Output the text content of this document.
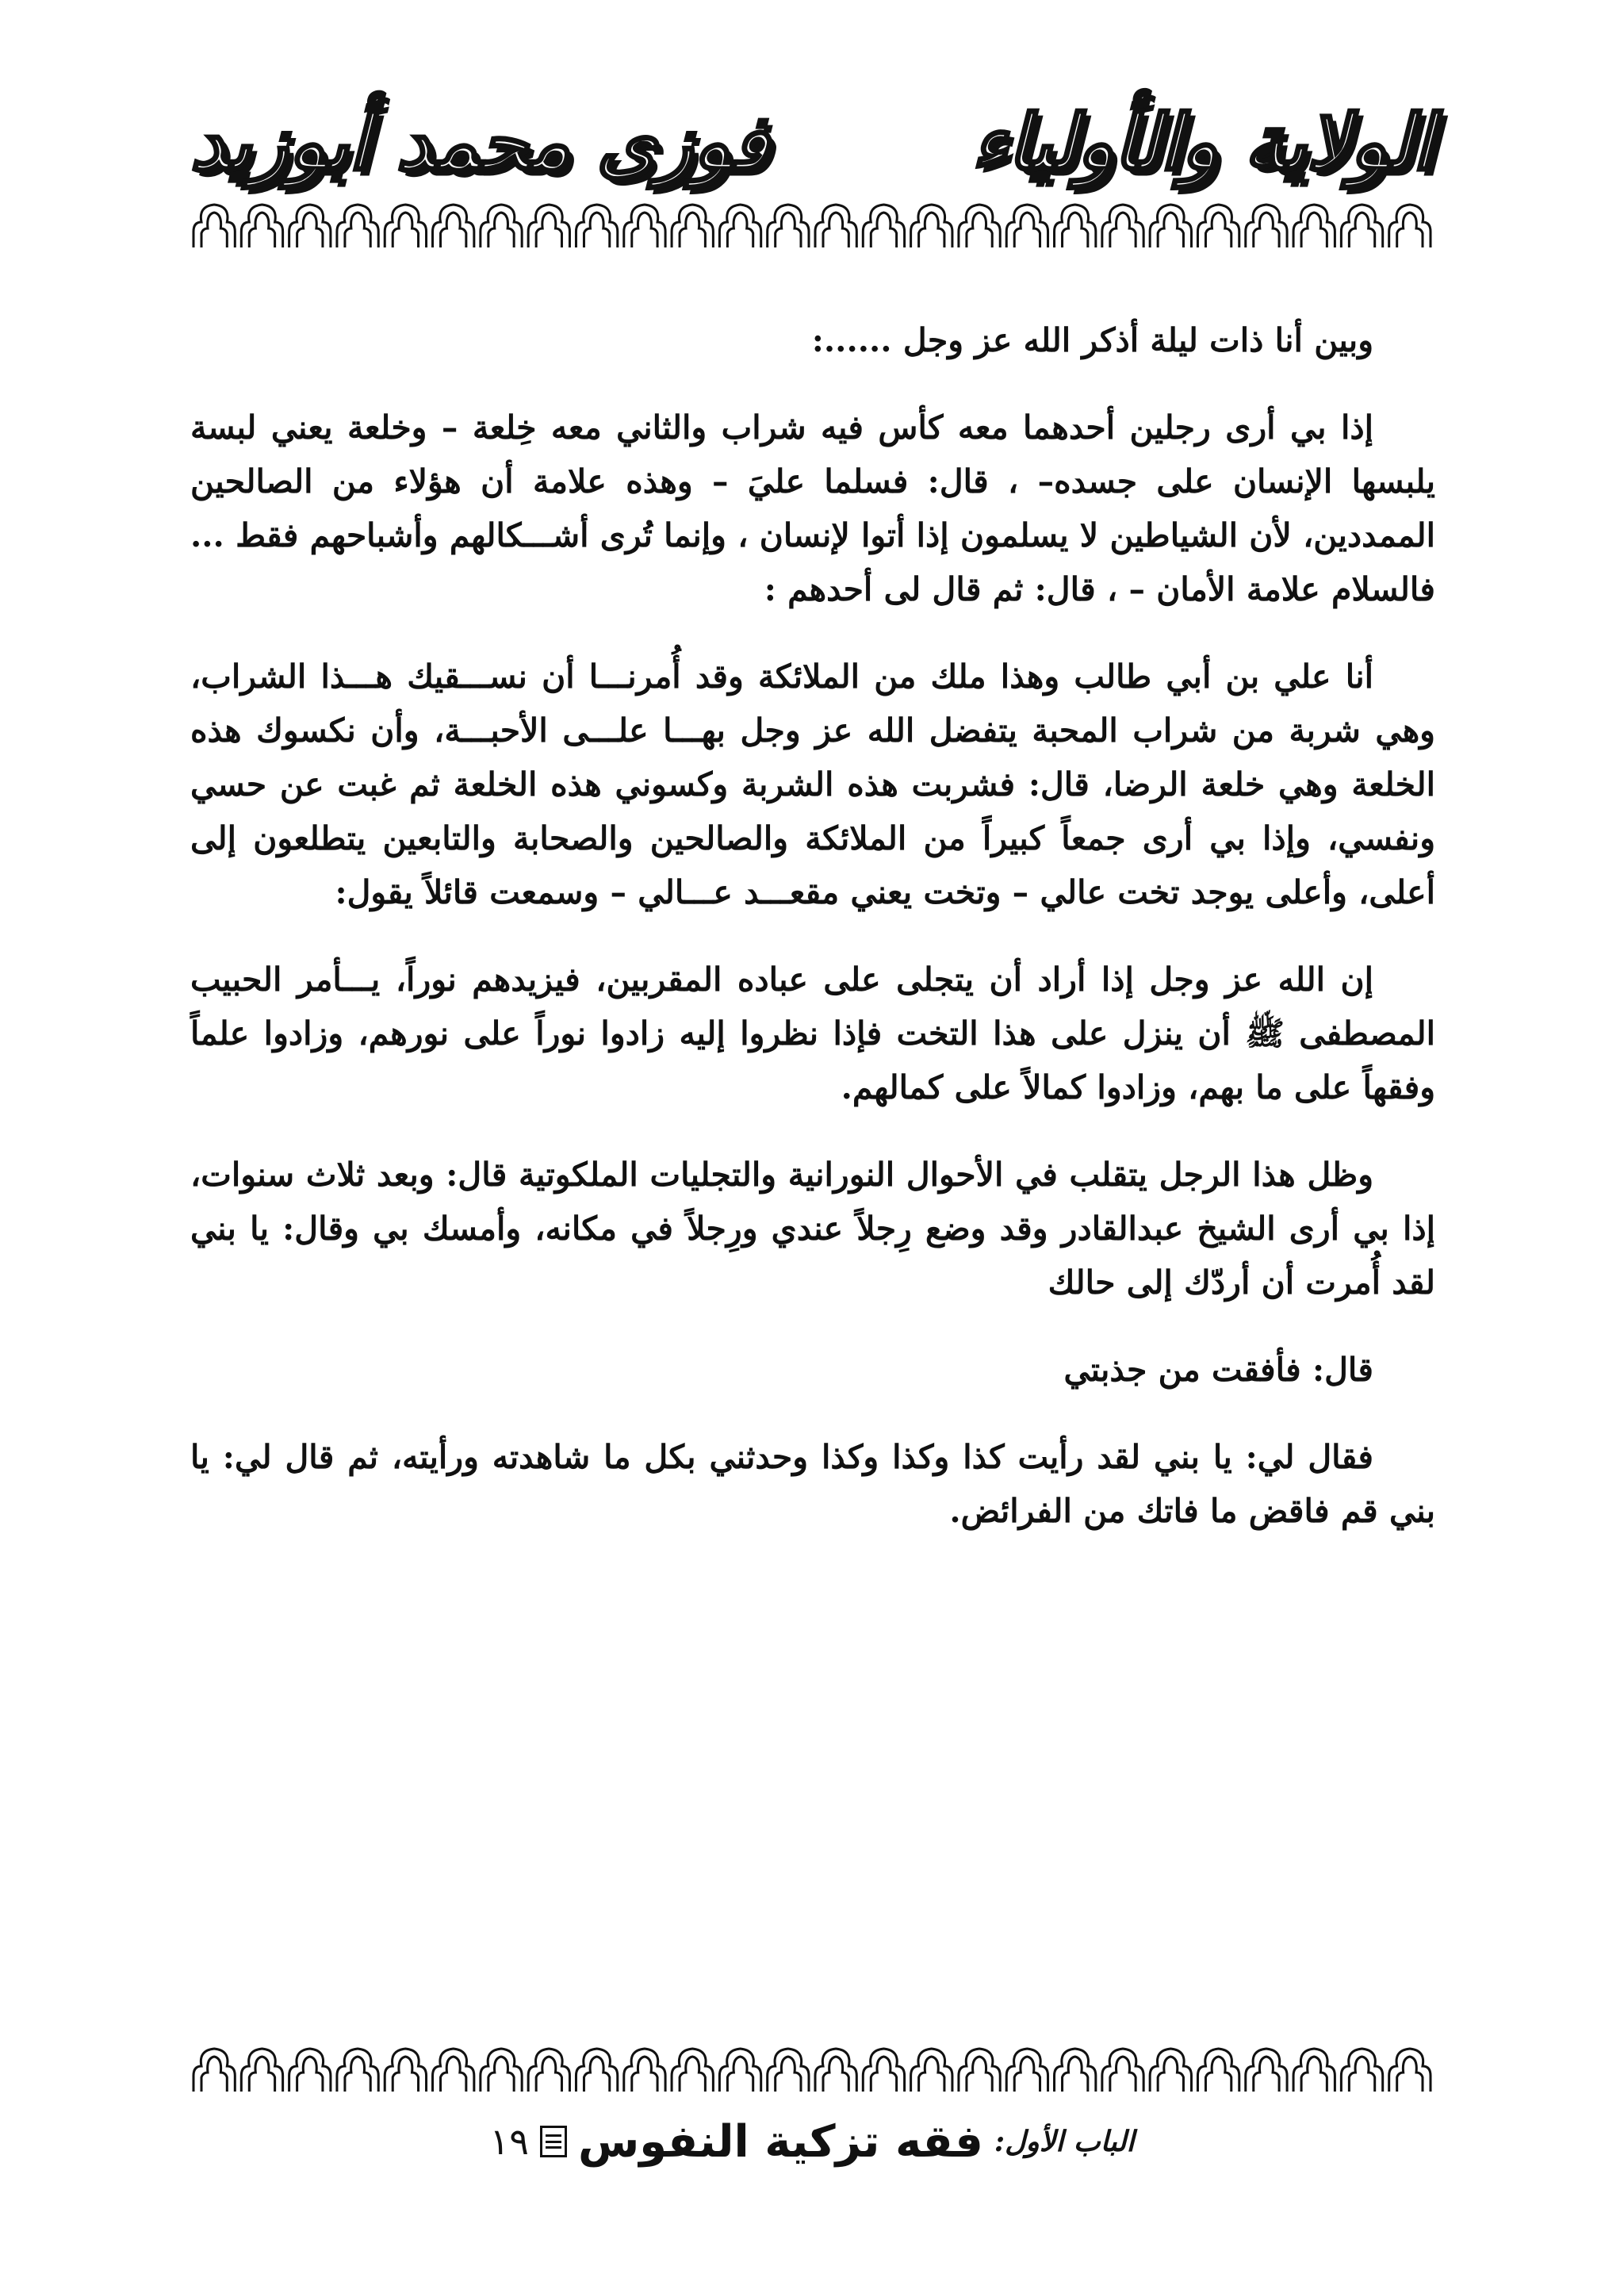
الولاية والأولياء
فوزى محمد أبوزيد

وبين أنا ذات ليلة أذكر الله عز وجل ......:

إذا بي أرى رجلين أحدهما معه كأس فيه شراب والثاني معه خِلعة – وخلعة يعني لبسة يلبسها الإنسان على جسده– ، قال: فسلما عليَ – وهذه علامة أن هؤلاء من الصالحين الممددين، لأن الشياطين لا يسلمون إذا أتوا لإنسان ، وإنما تُرى أشـــكالهم وأشباحهم فقط ... فالسلام علامة الأمان – ، قال: ثم قال لى أحدهم :

أنا علي بن أبي طالب وهذا ملك من الملائكة وقد أُمرنـــا أن نســـقيك هـــذا الشراب، وهي شربة من شراب المحبة يتفضل الله عز وجل بهـــا علـــى الأحبـــة، وأن نكسوك هذه الخلعة وهي خلعة الرضا، قال: فشربت هذه الشربة وكسوني هذه الخلعة ثم غبت عن حسي ونفسي، وإذا بي أرى جمعاً كبيراً من الملائكة والصالحين والصحابة والتابعين يتطلعون إلى أعلى، وأعلى يوجد تخت عالي – وتخت يعني مقعـــد عـــالي – وسمعت قائلاً يقول:

إن الله عز وجل إذا أراد أن يتجلى على عباده المقربين، فيزيدهم نوراً، يـــأمر الحبيب المصطفى ﷺ أن ينزل على هذا التخت فإذا نظروا إليه زادوا نوراً على نورهم، وزادوا علماً وفقهاً على ما بهم، وزادوا كمالاً على كمالهم.

وظل هذا الرجل يتقلب في الأحوال النورانية والتجليات الملكوتية قال: وبعد ثلاث سنوات، إذا بي أرى الشيخ عبدالقادر وقد وضع رِجلاً عندي ورِجلاً في مكانه، وأمسك بي وقال: يا بني لقد أُمرت أن أردّك إلى حالك

قال: فأفقت من جذبتي

فقال لي: يا بني لقد رأيت كذا وكذا وكذا وحدثني بكل ما شاهدته ورأيته، ثم قال لي: يا بني قم فاقض ما فاتك من الفرائض.

الباب الأول:
فقه تزكية النفوس
١٩
